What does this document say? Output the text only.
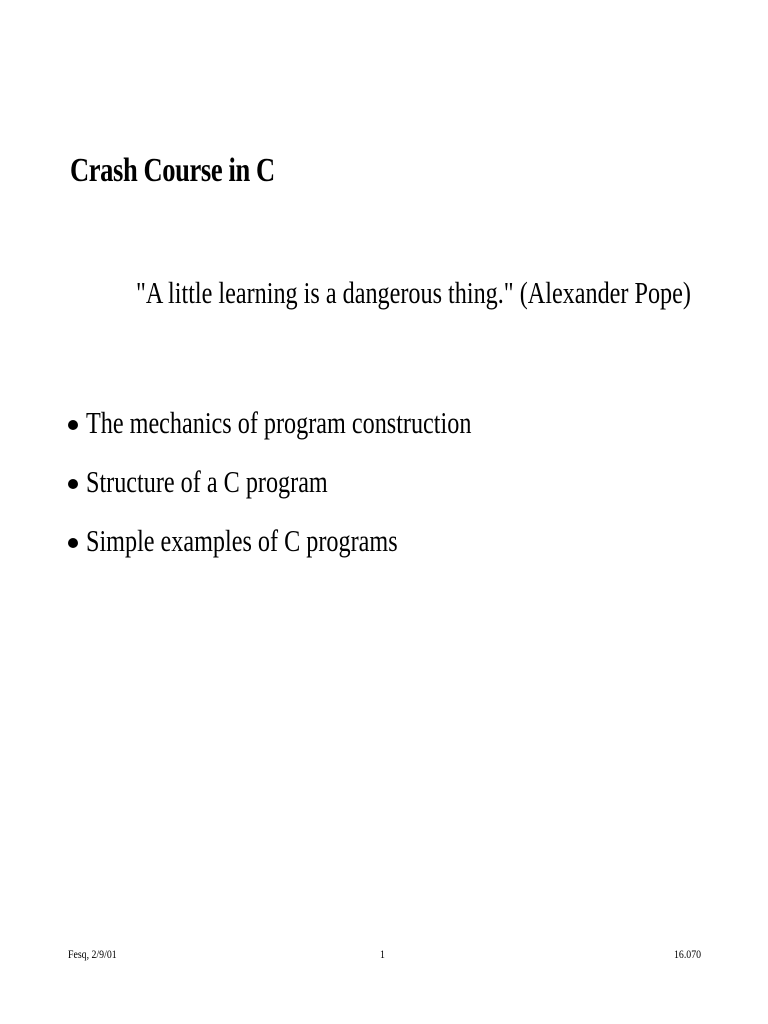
Crash Course in C
"A little learning is a dangerous thing." (Alexander Pope)
The mechanics of program construction
Structure of a C program
Simple examples of C programs
Fesq, 2/9/01	1	16.070
